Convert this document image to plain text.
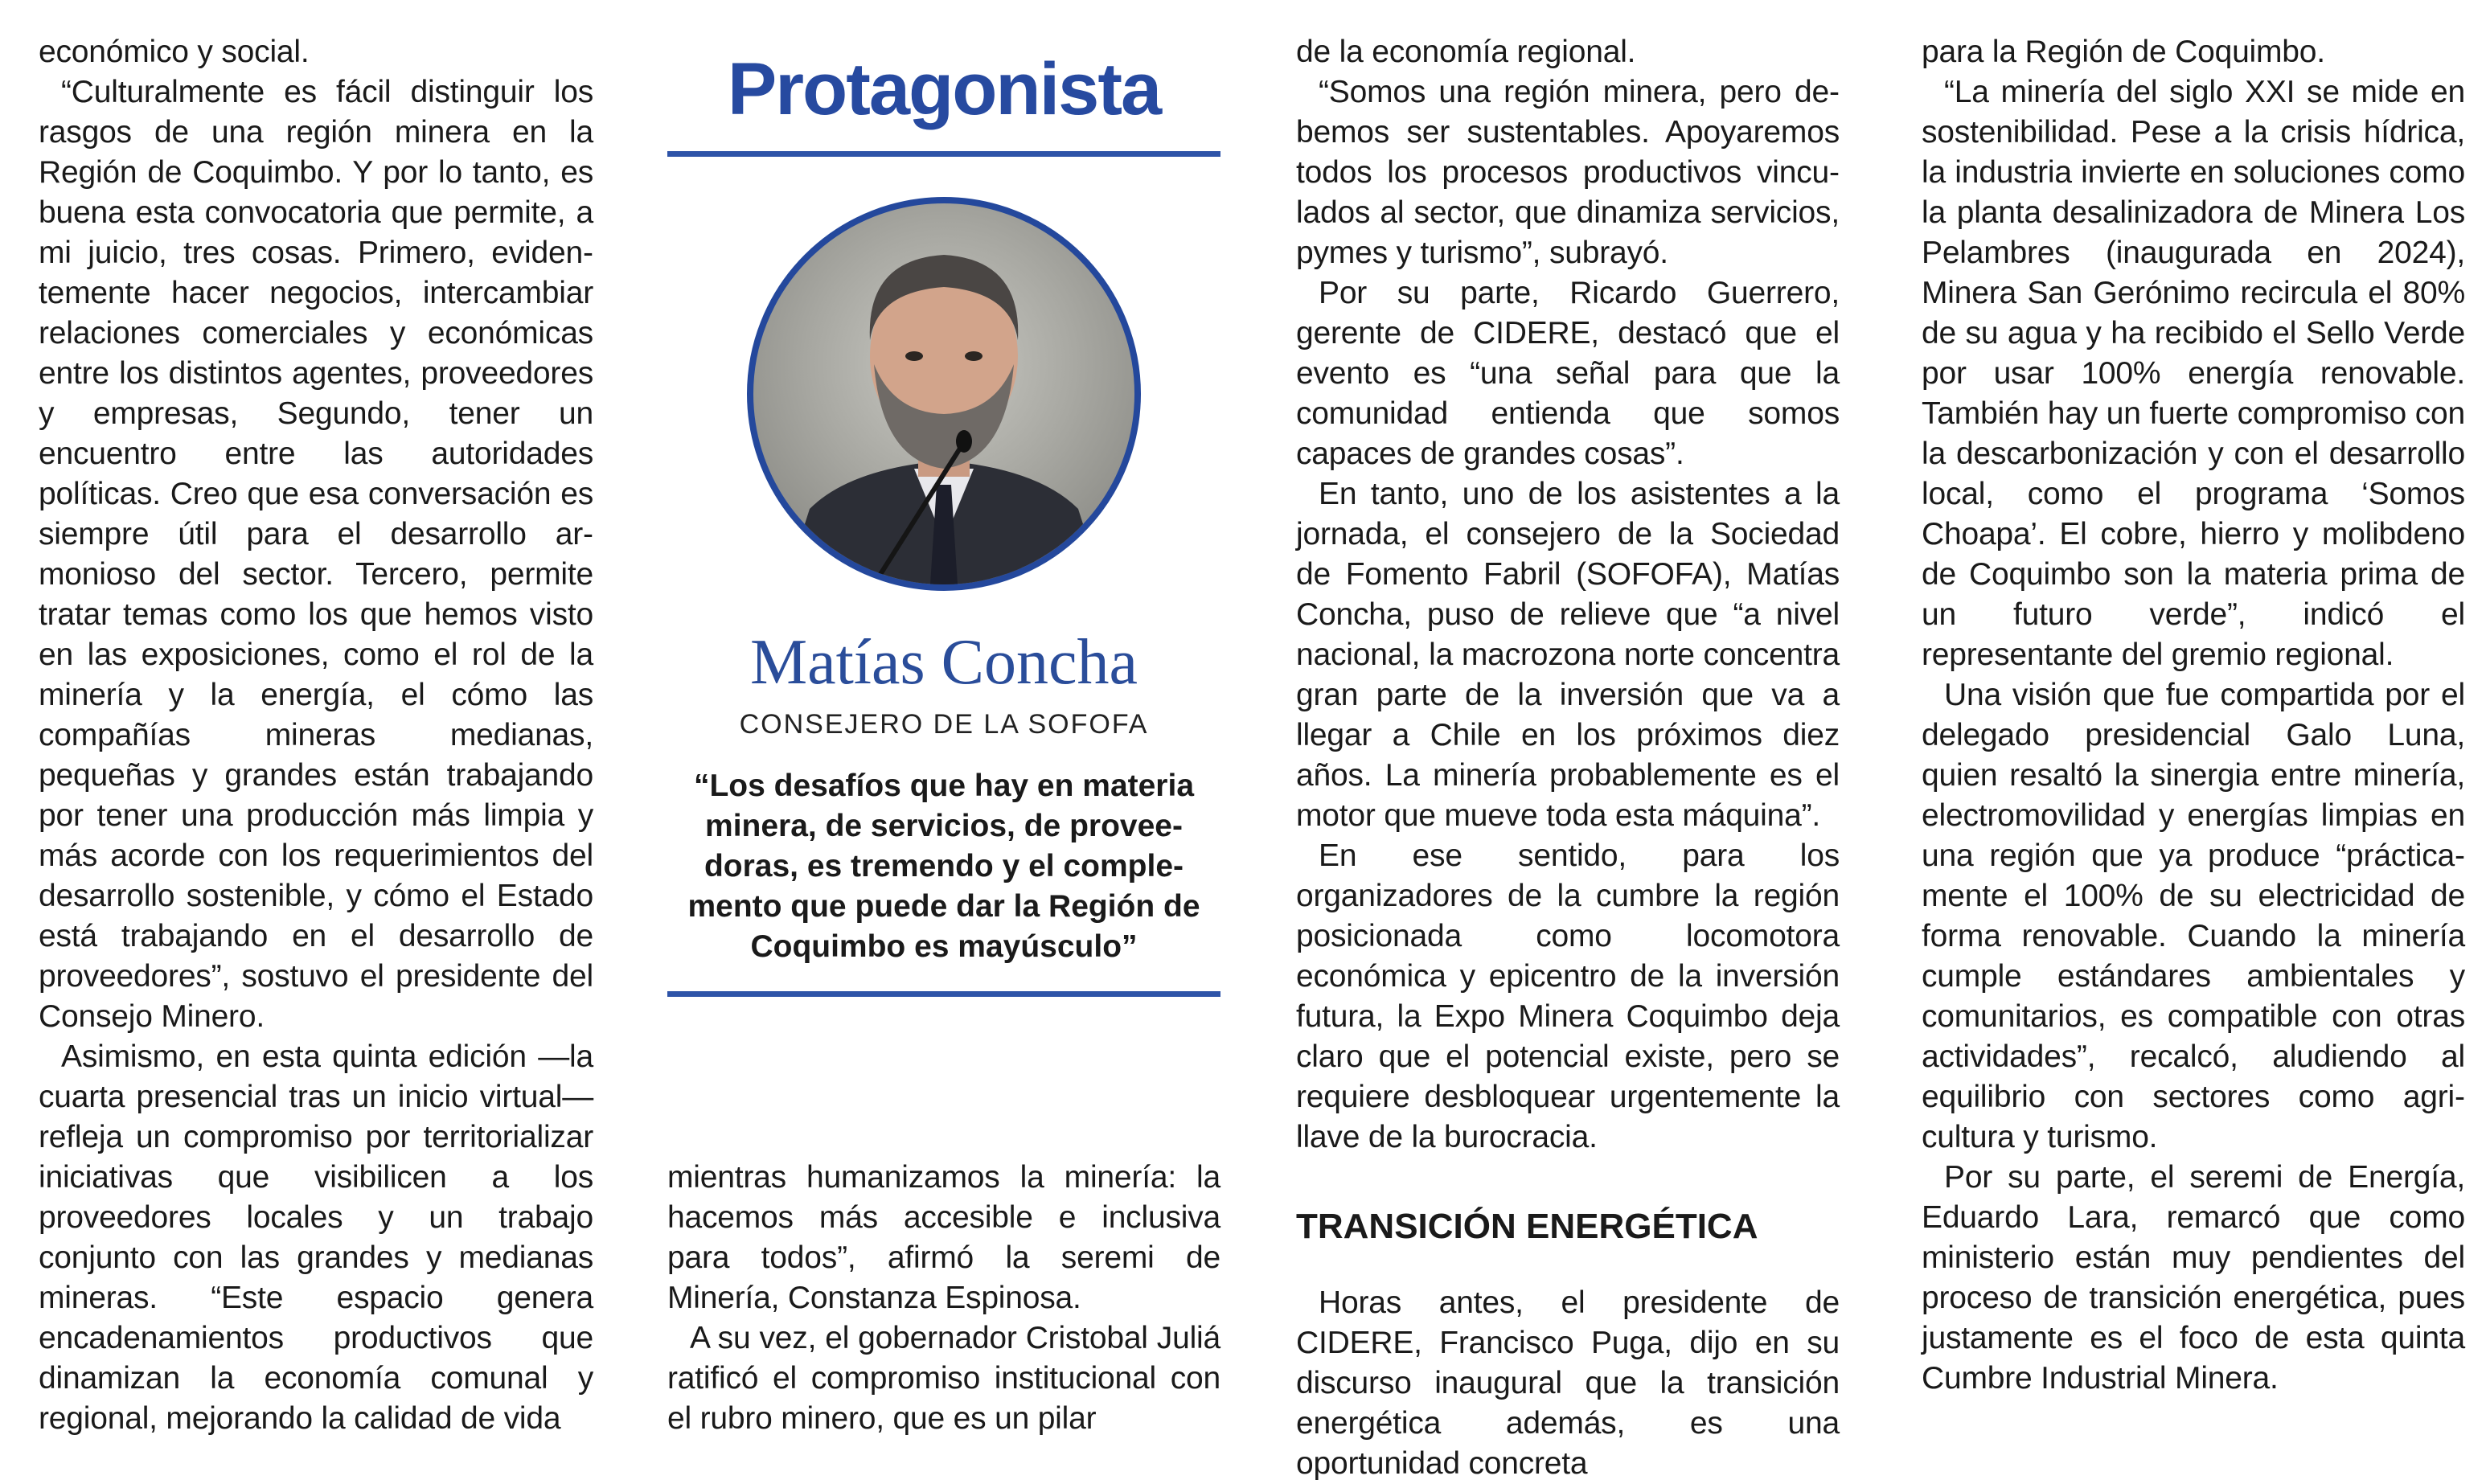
económico y social.

“Culturalmente es fácil distinguir los rasgos de una región minera en la Región de Coquimbo. Y por lo tanto, es buena esta convocatoria que permite, a mi juicio, tres cosas. Primero, evidentemente hacer negocios, intercambiar relaciones comerciales y económicas entre los distintos agentes, proveedores y empresas, Segundo, tener un encuentro entre las autoridades políticas. Creo que esa conversación es siempre útil para el desarrollo armonioso del sector. Tercero, permite tratar temas como los que hemos visto en las exposiciones, como el rol de la minería y la energía, el cómo las compañías mineras medianas, pequeñas y grandes están trabajando por tener una producción más limpia y más acorde con los requerimientos del desarrollo sostenible, y cómo el Estado está trabajando en el desarrollo de proveedores”, sostuvo el presidente del Consejo Minero.

Asimismo, en esta quinta edición —la cuarta presencial tras un inicio virtual— refleja un compromiso por territorializar iniciativas que visibilicen a los proveedores locales y un trabajo conjunto con las grandes y medianas mineras. “Este espacio genera encadenamientos productivos que dinamizan la economía comunal y regional, mejorando la calidad de vida

Protagonista
Matías Concha
CONSEJERO DE LA SOFOFA
“Los desafíos que hay en materia minera, de servicios, de proveedoras, es tremendo y el complemento que puede dar la Región de Coquimbo es mayúsculo”

mientras humanizamos la minería: la hacemos más accesible e inclusiva para todos”, afirmó la seremi de Minería, Constanza Espinosa.

A su vez, el gobernador Cristobal Juliá ratificó el compromiso institucional con el rubro minero, que es un pilar

de la economía regional.

“Somos una región minera, pero debemos ser sustentables. Apoyaremos todos los procesos productivos vinculados al sector, que dinamiza servicios, pymes y turismo”, subrayó.

Por su parte, Ricardo Guerrero, gerente de CIDERE, destacó que el evento es “una señal para que la comunidad entienda que somos capaces de grandes cosas”.

En tanto, uno de los asistentes a la jornada, el consejero de la Sociedad de Fomento Fabril (SOFOFA), Matías Concha, puso de relieve que “a nivel nacional, la macrozona norte concentra gran parte de la inversión que va a llegar a Chile en los próximos diez años. La minería probablemente es el motor que mueve toda esta máquina”.

En ese sentido, para los organizadores de la cumbre la región posicionada como locomotora económica y epicentro de la inversión futura, la Expo Minera Coquimbo deja claro que el potencial existe, pero se requiere desbloquear urgentemente la llave de la burocracia.

TRANSICIÓN ENERGÉTICA

Horas antes, el presidente de CIDERE, Francisco Puga, dijo en su discurso inaugural que la transición energética además, es una oportunidad concreta

para la Región de Coquimbo.

“La minería del siglo XXI se mide en sostenibilidad. Pese a la crisis hídrica, la industria invierte en soluciones como la planta desalinizadora de Minera Los Pelambres (inaugurada en 2024), Minera San Gerónimo recircula el 80% de su agua y ha recibido el Sello Verde por usar 100% energía renovable. También hay un fuerte compromiso con la descarbonización y con el desarrollo local, como el programa ‘Somos Choapa’. El cobre, hierro y molibdeno de Coquimbo son la materia prima de un futuro verde”, indicó el representante del gremio regional.

Una visión que fue compartida por el delegado presidencial Galo Luna, quien resaltó la sinergia entre minería, electromovilidad y energías limpias en una región que ya produce “prácticamente el 100% de su electricidad de forma renovable. Cuando la minería cumple estándares ambientales y comunitarios, es compatible con otras actividades”, recalcó, aludiendo al equilibrio con sectores como agricultura y turismo.

Por su parte, el seremi de Energía, Eduardo Lara, remarcó que como ministerio están muy pendientes del proceso de transición energética, pues justamente es el foco de esta quinta Cumbre Industrial Minera.
